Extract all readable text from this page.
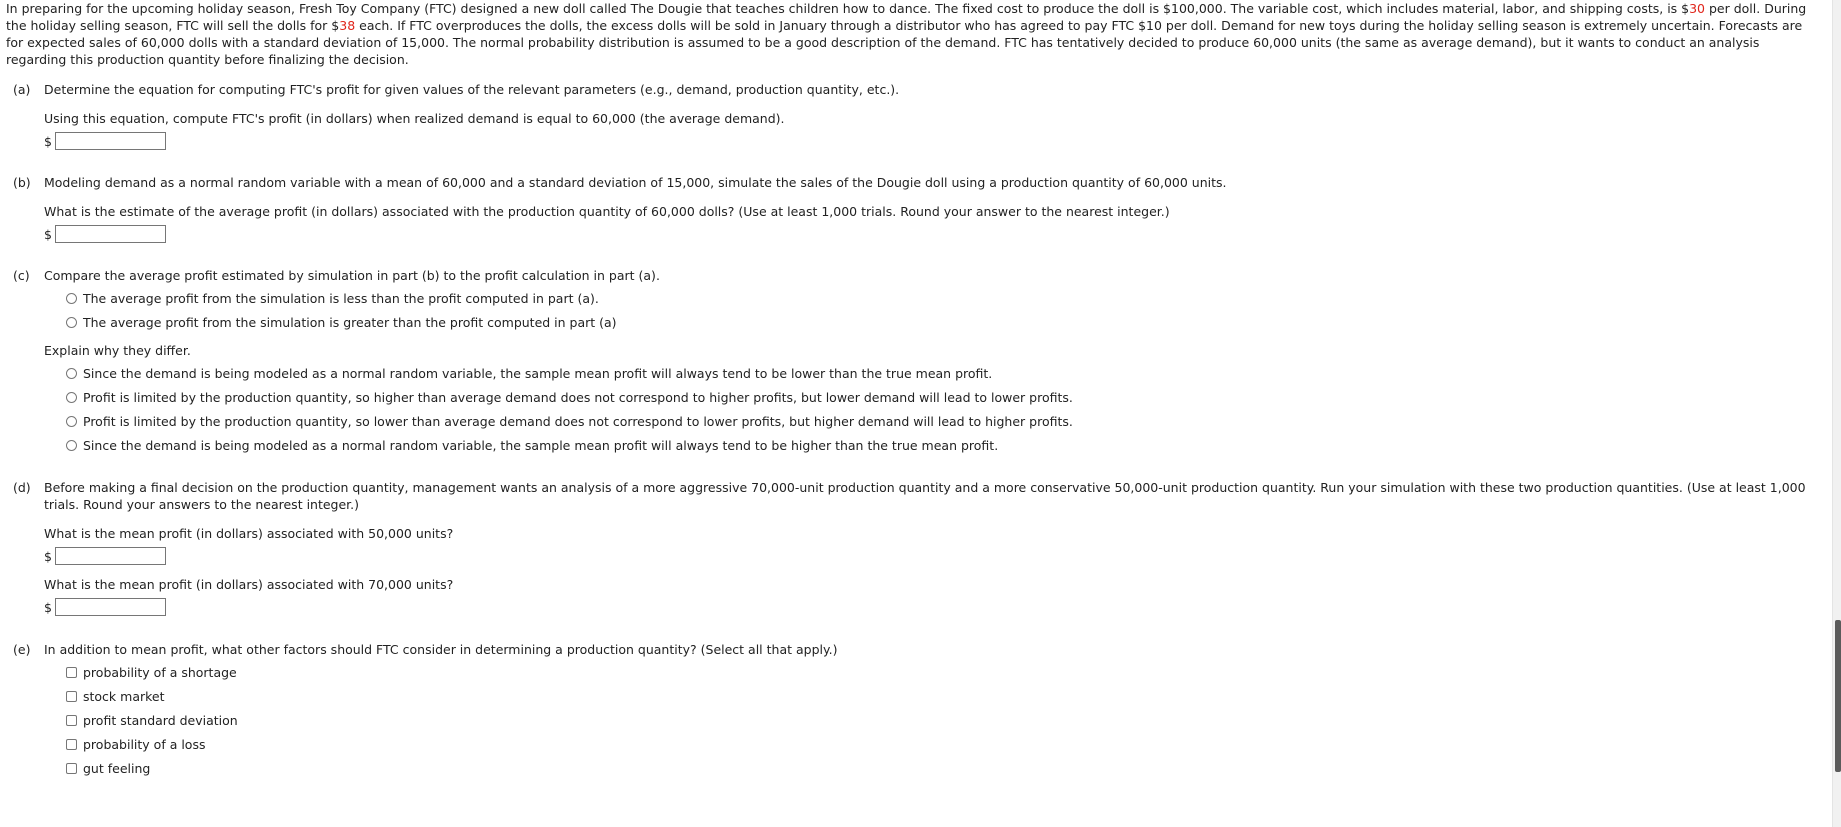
In preparing for the upcoming holiday season, Fresh Toy Company (FTC) designed a new doll called The Dougie that teaches children how to dance. The fixed cost to produce the doll is $100,000. The variable cost, which includes material, labor, and shipping costs, is $30 per doll. During the holiday selling season, FTC will sell the dolls for $38 each. If FTC overproduces the dolls, the excess dolls will be sold in January through a distributor who has agreed to pay FTC $10 per doll. Demand for new toys during the holiday selling season is extremely uncertain. Forecasts are for expected sales of 60,000 dolls with a standard deviation of 15,000. The normal probability distribution is assumed to be a good description of the demand. FTC has tentatively decided to produce 60,000 units (the same as average demand), but it wants to conduct an analysis regarding this production quantity before finalizing the decision.

(a) Determine the equation for computing FTC's profit for given values of the relevant parameters (e.g., demand, production quantity, etc.).

Using this equation, compute FTC's profit (in dollars) when realized demand is equal to 60,000 (the average demand).

$
(b) Modeling demand as a normal random variable with a mean of 60,000 and a standard deviation of 15,000, simulate the sales of the Dougie doll using a production quantity of 60,000 units.

What is the estimate of the average profit (in dollars) associated with the production quantity of 60,000 dolls? (Use at least 1,000 trials. Round your answer to the nearest integer.)

$
(c) Compare the average profit estimated by simulation in part (b) to the profit calculation in part (a).

The average profit from the simulation is less than the profit computed in part (a).
The average profit from the simulation is greater than the profit computed in part (a)

Explain why they differ.

Since the demand is being modeled as a normal random variable, the sample mean profit will always tend to be lower than the true mean profit.
Profit is limited by the production quantity, so higher than average demand does not correspond to higher profits, but lower demand will lead to lower profits.
Profit is limited by the production quantity, so lower than average demand does not correspond to lower profits, but higher demand will lead to higher profits.
Since the demand is being modeled as a normal random variable, the sample mean profit will always tend to be higher than the true mean profit.
(d) Before making a final decision on the production quantity, management wants an analysis of a more aggressive 70,000-unit production quantity and a more conservative 50,000-unit production quantity. Run your simulation with these two production quantities. (Use at least 1,000 trials. Round your answers to the nearest integer.)

What is the mean profit (in dollars) associated with 50,000 units?

$

What is the mean profit (in dollars) associated with 70,000 units?

$
(e) In addition to mean profit, what other factors should FTC consider in determining a production quantity? (Select all that apply.)

probability of a shortage
stock market
profit standard deviation
probability of a loss
gut feeling
